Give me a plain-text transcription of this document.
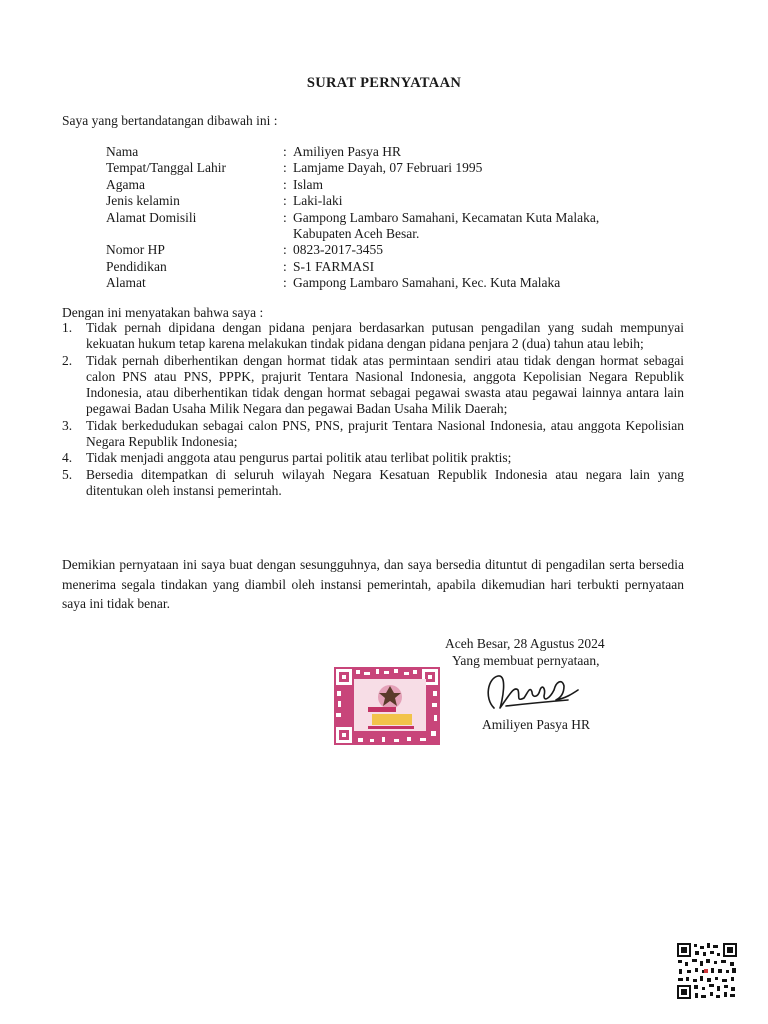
SURAT PERNYATAAN
Saya yang bertandatangan dibawah ini :
Nama	: Amiliyen Pasya HR
Tempat/Tanggal Lahir	: Lamjame Dayah, 07 Februari 1995
Agama	: Islam
Jenis kelamin	: Laki-laki
Alamat Domisili	: Gampong Lambaro Samahani, Kecamatan Kuta Malaka,
Kabupaten Aceh Besar.
Nomor HP	: 0823-2017-3455
Pendidikan	: S-1 FARMASI
Alamat	: Gampong Lambaro Samahani, Kec. Kuta Malaka
Dengan ini menyatakan bahwa saya :
1.	Tidak pernah dipidana dengan pidana penjara berdasarkan putusan pengadilan yang sudah mempunyai kekuatan hukum tetap karena melakukan tindak pidana dengan pidana penjara 2 (dua) tahun atau lebih;
2.	Tidak pernah diberhentikan dengan hormat tidak atas permintaan sendiri atau tidak dengan hormat sebagai calon PNS atau PNS, PPPK, prajurit Tentara Nasional Indonesia, anggota Kepolisian Negara Republik Indonesia, atau diberhentikan tidak dengan hormat sebagai pegawai swasta atau pegawai lainnya antara lain pegawai Badan Usaha Milik Negara dan pegawai Badan Usaha Milik Daerah;
3.	Tidak berkedudukan sebagai calon PNS, PNS, prajurit Tentara Nasional Indonesia, atau anggota Kepolisian Negara Republik Indonesia;
4.	Tidak menjadi anggota atau pengurus partai politik atau terlibat politik praktis;
5.	Bersedia ditempatkan di seluruh wilayah Negara Kesatuan Republik Indonesia atau negara lain yang ditentukan oleh instansi pemerintah.
Demikian pernyataan ini saya buat dengan sesungguhnya, dan saya bersedia dituntut di pengadilan serta bersedia menerima segala tindakan yang diambil oleh instansi pemerintah, apabila dikemudian hari terbukti pernyataan saya ini tidak benar.
Aceh Besar, 28 Agustus 2024
Yang membuat pernyataan,
Amiliyen Pasya HR
